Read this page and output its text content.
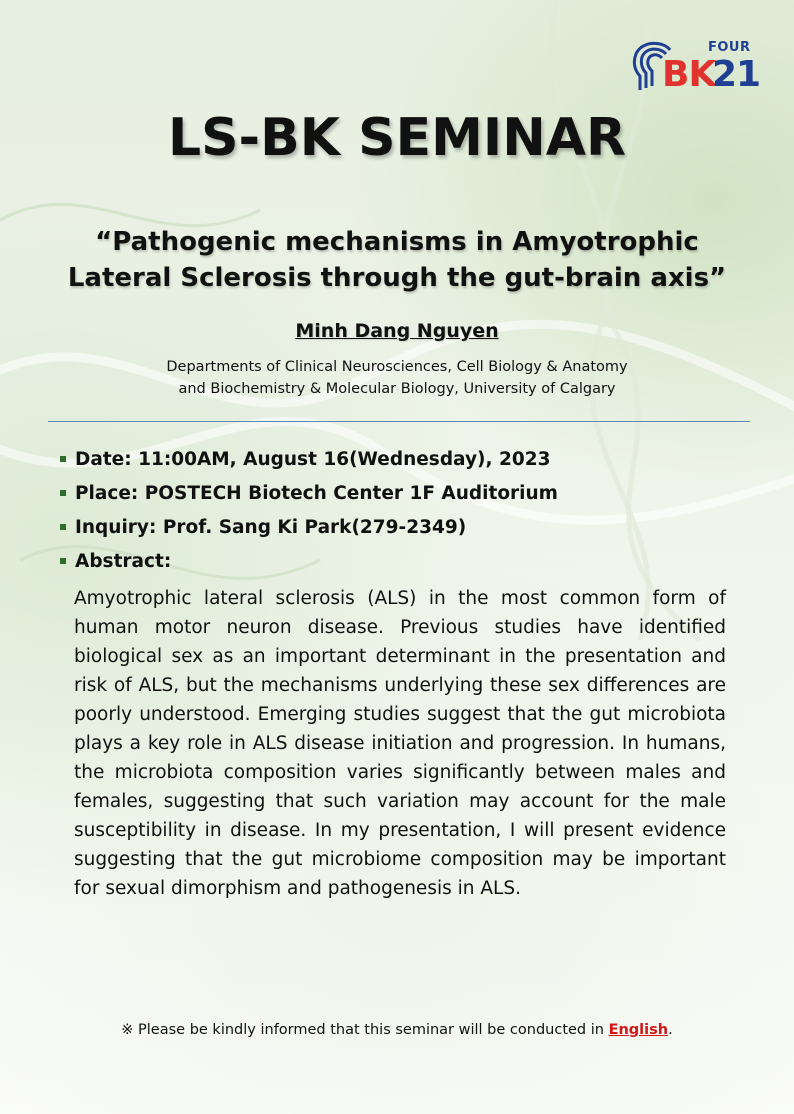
FOUR
BK
21
LS-BK SEMINAR
“Pathogenic mechanisms in Amyotrophic Lateral Sclerosis through the gut-brain axis”
Minh Dang Nguyen
Departments of Clinical Neurosciences, Cell Biology & Anatomy
and Biochemistry & Molecular Biology, University of Calgary
Date: 11:00AM, August 16(Wednesday), 2023
Place: POSTECH Biotech Center 1F Auditorium
Inquiry: Prof. Sang Ki Park(279-2349)
Abstract:
Amyotrophic lateral sclerosis (ALS) in the most common form of human motor neuron disease. Previous studies have identified biological sex as an important determinant in the presentation and risk of ALS, but the mechanisms underlying these sex differences are poorly understood. Emerging studies suggest that the gut microbiota plays a key role in ALS disease initiation and progression. In humans, the microbiota composition varies significantly between males and females, suggesting that such variation may account for the male susceptibility in disease. In my presentation, I will present evidence suggesting that the gut microbiome composition may be important for sexual dimorphism and pathogenesis in ALS.
※ Please be kindly informed that this seminar will be conducted in English.
